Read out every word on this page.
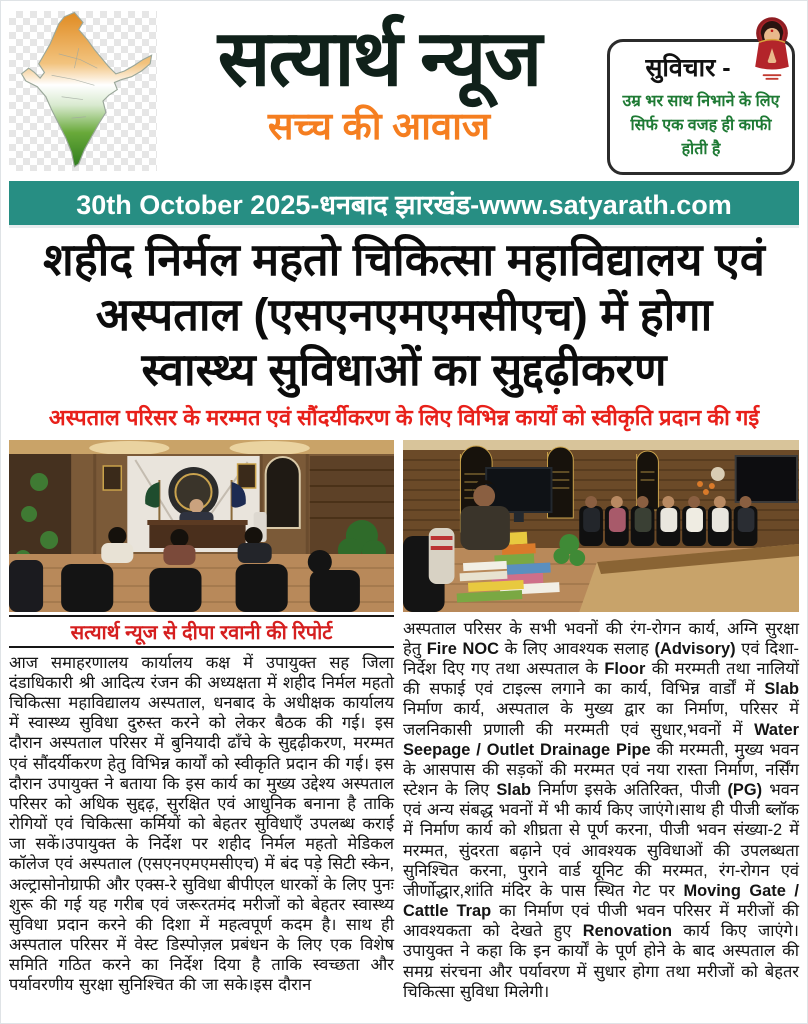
सत्यार्थ न्यूज
सच्च की आवाज
सुविचार -
उम्र भर साथ निभाने के लिए सिर्फ एक वजह ही काफी होती है
30th October 2025-धनबाद झारखंड-www.satyarath.com
शहीद निर्मल महतो चिकित्सा महाविद्यालय एवं
अस्पताल (एसएनएमएमसीएच) में होगा
स्वास्थ्य सुविधाओं का सुद्दढ़ीकरण
अस्पताल परिसर के मरम्मत एवं सौंदर्यीकरण के लिए विभिन्न कार्यों को स्वीकृति प्रदान की गई
सत्यार्थ न्यूज से दीपा रवानी की रिपोर्ट

आज समाहरणालय कार्यालय कक्ष में उपायुक्त सह जिला दंडाधिकारी श्री आदित्य रंजन की अध्यक्षता में शहीद निर्मल महतो चिकित्सा महाविद्यालय अस्पताल, धनबाद के अधीक्षक कार्यालय में स्वास्थ्य सुविधा दुरुस्त करने को लेकर बैठक की गई। इस दौरान अस्पताल परिसर में बुनियादी ढाँचे के सुद्दढ़ीकरण, मरम्मत एवं सौंदर्यीकरण हेतु विभिन्न कार्यों को स्वीकृति प्रदान की गई। इस दौरान उपायुक्त ने बताया कि इस कार्य का मुख्य उद्देश्य अस्पताल परिसर को अधिक सुद्दढ़, सुरक्षित एवं आधुनिक बनाना है ताकि रोगियों एवं चिकित्सा कर्मियों को बेहतर सुविधाएँ उपलब्ध कराई जा सकें।उपायुक्त के निर्देश पर शहीद निर्मल महतो मेडिकल कॉलेज एवं अस्पताल (एसएनएमएमसीएच) में बंद पड़े सिटी स्केन, अल्ट्रासोनोग्राफी और एक्स-रे सुविधा बीपीएल धारकों के लिए पुनः शुरू की गई यह गरीब एवं जरूरतमंद मरीजों को बेहतर स्वास्थ्य सुविधा प्रदान करने की दिशा में महत्वपूर्ण कदम है। साथ ही अस्पताल परिसर में वेस्ट डिस्पोज़ल प्रबंधन के लिए एक विशेष समिति गठित करने का निर्देश दिया है ताकि स्वच्छता और पर्यावरणीय सुरक्षा सुनिश्चित की जा सके।इस दौरान

अस्पताल परिसर के सभी भवनों की रंग-रोगन कार्य, अग्नि सुरक्षा हेतु Fire NOC के लिए आवश्यक सलाह (Advisory) एवं दिशा-निर्देश दिए गए तथा अस्पताल के Floor की मरम्मती तथा नालियों की सफाई एवं टाइल्स लगाने का कार्य, विभिन्न वार्डों में Slab निर्माण कार्य, अस्पताल के मुख्य द्वार का निर्माण, परिसर में जलनिकासी प्रणाली की मरम्मती एवं सुधार,भवनों में Water Seepage / Outlet Drainage Pipe की मरम्मती, मुख्य भवन के आसपास की सड़कों की मरम्मत एवं नया रास्ता निर्माण, नर्सिंग स्टेशन के लिए Slab निर्माण इसके अतिरिक्त, पीजी (PG) भवन एवं अन्य संबद्ध भवनों में भी कार्य किए जाएंगे।साथ ही पीजी ब्लॉक में निर्माण कार्य को शीघ्रता से पूर्ण करना, पीजी भवन संख्या-2 में मरम्मत, सुंदरता बढ़ाने एवं आवश्यक सुविधाओं की उपलब्धता सुनिश्चित करना, पुराने वार्ड यूनिट की मरम्मत, रंग-रोगन एवं जीर्णोद्धार,शांति मंदिर के पास स्थित गेट पर Moving Gate / Cattle Trap का निर्माण एवं पीजी भवन परिसर में मरीजों की आवश्यकता को देखते हुए Renovation कार्य किए जाएंगे।उपायुक्त ने कहा कि इन कार्यों के पूर्ण होने के बाद अस्पताल की समग्र संरचना और पर्यावरण में सुधार होगा तथा मरीजों को बेहतर चिकित्सा सुविधा मिलेगी।
